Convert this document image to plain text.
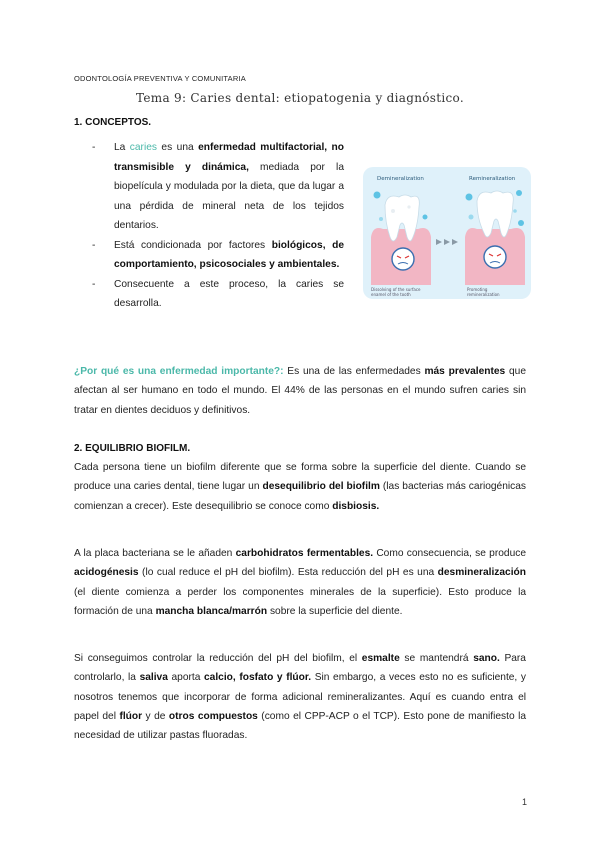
ODONTOLOGÍA PREVENTIVA Y COMUNITARIA
Tema 9: Caries dental: etiopatogenia y diagnóstico.
1. CONCEPTOS.
-	La caries es una enfermedad multifactorial, no transmisible y dinámica, mediada por la biopelícula y modulada por la dieta, que da lugar a una pérdida de mineral neta de los tejidos dentarios.
-	Está condicionada por factores biológicos, de comportamiento, psicosociales y ambientales.
-	Consecuente a este proceso, la caries se desarrolla.
Demineralization	Remineralization
Dissolving of the surface
enamel of the tooth
Promoting
remineralization
¿Por qué es una enfermedad importante?: Es una de las enfermedades más prevalentes que afectan al ser humano en todo el mundo. El 44% de las personas en el mundo sufren caries sin tratar en dientes deciduos y definitivos.
2. EQUILIBRIO BIOFILM.
Cada persona tiene un biofilm diferente que se forma sobre la superficie del diente. Cuando se produce una caries dental, tiene lugar un desequilibrio del biofilm (las bacterias más cariogénicas comienzan a crecer). Este desequilibrio se conoce como disbiosis.
A la placa bacteriana se le añaden carbohidratos fermentables. Como consecuencia, se produce acidogénesis (lo cual reduce el pH del biofilm). Esta reducción del pH es una desmineralización (el diente comienza a perder los componentes minerales de la superficie). Esto produce la formación de una mancha blanca/marrón sobre la superficie del diente.
Si conseguimos controlar la reducción del pH del biofilm, el esmalte se mantendrá sano. Para controlarlo, la saliva aporta calcio, fosfato y flúor. Sin embargo, a veces esto no es suficiente, y nosotros tenemos que incorporar de forma adicional remineralizantes. Aquí es cuando entra el papel del flúor y de otros compuestos (como el CPP-ACP o el TCP). Esto pone de manifiesto la necesidad de utilizar pastas fluoradas.
1
